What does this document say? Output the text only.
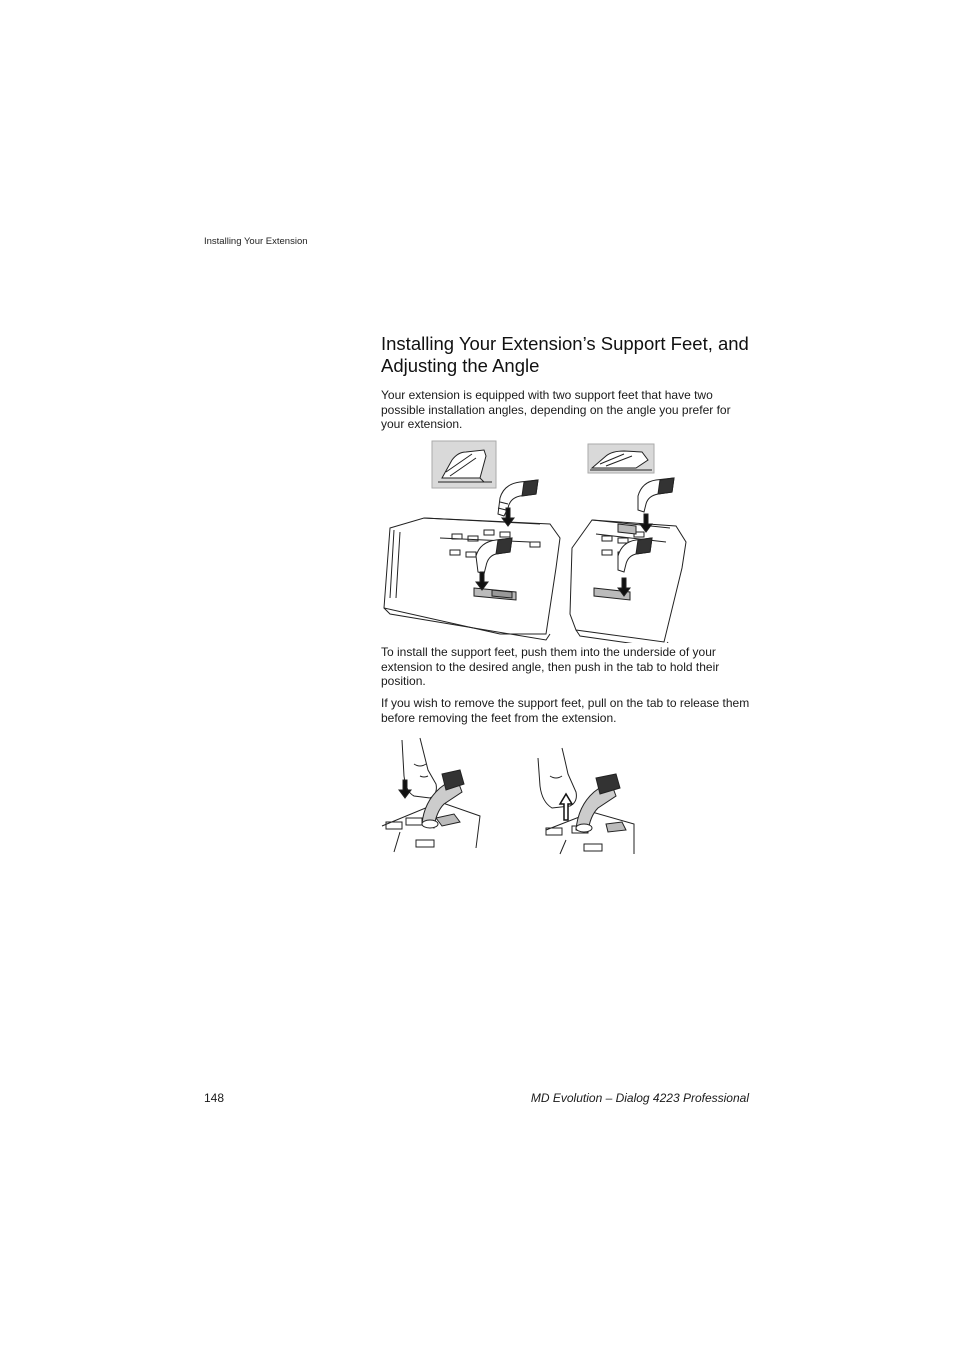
Installing Your Extension
Installing Your Extension’s Support Feet, and Adjusting the Angle

Your extension is equipped with two support feet that have two possible installation angles, depending on the angle you prefer for your extension.

To install the support feet, push them into the underside of your extension to the desired angle, then push in the tab to hold their position.

If you wish to remove the support feet, pull on the tab to release them before removing the feet from the extension.

148	MD Evolution – Dialog 4223 Professional
